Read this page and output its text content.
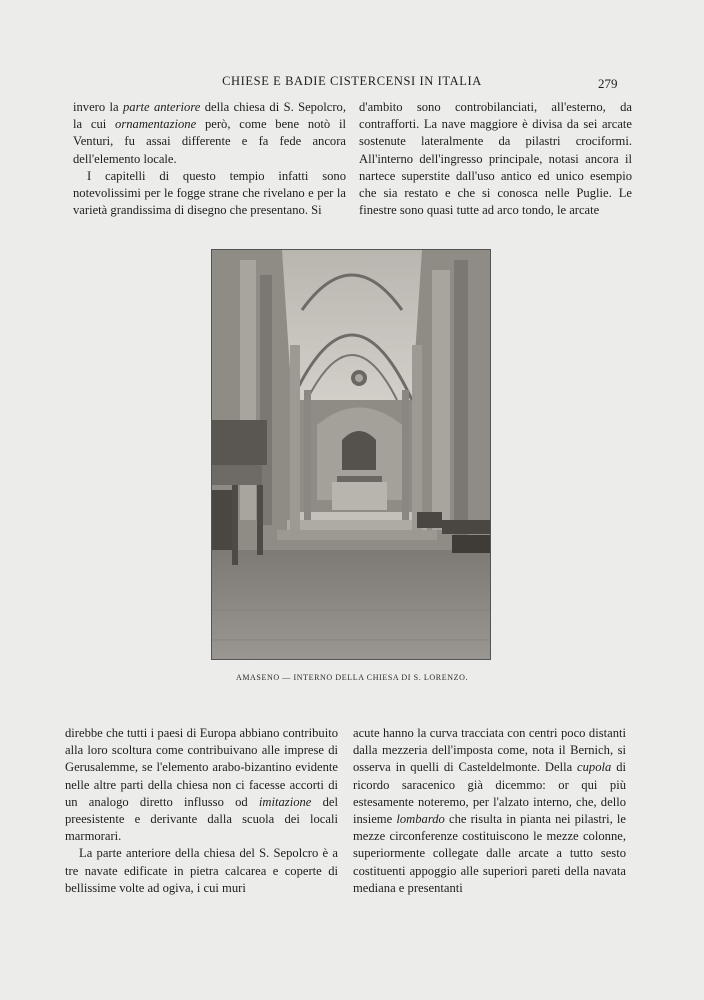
CHIESE E BADIE CISTERCENSI IN ITALIA	279

invero la parte anteriore della chiesa di S. Sepolcro, la cui ornamentazione però, come bene notò il Venturi, fu assai differente e fa fede ancora dell'elemento locale.

I capitelli di questo tempio infatti sono notevolissimi per le fogge strane che rivelano e per la varietà grandissima di disegno che presentano. Si

d'ambito sono controbilanciati, all'esterno, da contrafforti. La nave maggiore è divisa da sei arcate sostenute lateralmente da pilastri crociformi. All'interno dell'ingresso principale, notasi ancora il nartece superstite dall'uso antico ed unico esempio che sia restato e che si conosca nelle Puglie. Le finestre sono quasi tutte ad arco tondo, le arcate

AMASENO — INTERNO DELLA CHIESA DI S. LORENZO.

direbbe che tutti i paesi di Europa abbiano contribuito alla loro scoltura come contribuivano alle imprese di Gerusalemme, se l'elemento arabo-bizantino evidente nelle altre parti della chiesa non ci facesse accorti di un analogo diretto influsso od imitazione del preesistente e derivante dalla scuola dei locali marmorari.

La parte anteriore della chiesa del S. Sepolcro è a tre navate edificate in pietra calcarea e coperte di bellissime volte ad ogiva, i cui muri

acute hanno la curva tracciata con centri poco distanti dalla mezzeria dell'imposta come, nota il Bernich, si osserva in quelli di Casteldelmonte. Della cupola di ricordo saracenico già dicemmo: or qui più estesamente noteremo, per l'alzato interno, che, dello insieme lombardo che risulta in pianta nei pilastri, le mezze circonferenze costituiscono le mezze colonne, superiormente collegate dalle arcate a tutto sesto costituenti appoggio alle superiori pareti della navata mediana e presentanti
